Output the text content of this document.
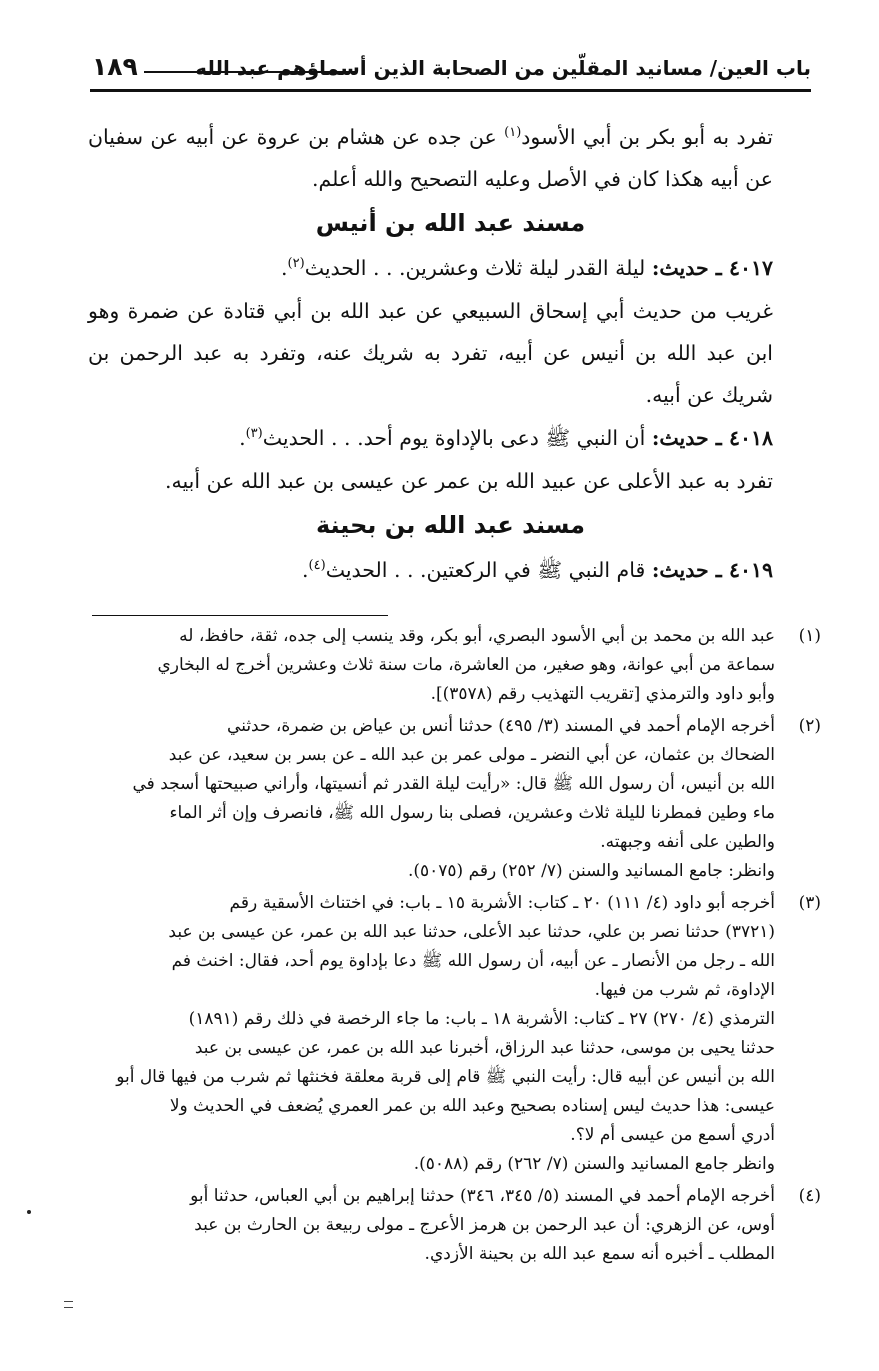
باب العين/ مسانيد المقلّين من الصحابة الذين أسماؤهم عبد الله
١٨٩

تفرد به أبو بكر بن أبي الأسود$^{(١)}$ عن جده عن هشام بن عروة عن أبيه عن سفيان عن أبيه هكذا كان في الأصل وعليه التصحيح والله أعلم.

مسند عبد الله بن أنيس

٤٠١٧ ـ حديث: ليلة القدر ليلة ثلاث وعشرين. . . الحديث$^{(٢)}$.

غريب من حديث أبي إسحاق السبيعي عن عبد الله بن أبي قتادة عن ضمرة وهو ابن عبد الله بن أنيس عن أبيه، تفرد به شريك عنه، وتفرد به عبد الرحمن بن شريك عن أبيه.

٤٠١٨ ـ حديث: أن النبي ﷺ دعى بالإداوة يوم أحد. . . الحديث$^{(٣)}$.

تفرد به عبد الأعلى عن عبيد الله بن عمر عن عيسى بن عبد الله عن أبيه.

مسند عبد الله بن بحينة

٤٠١٩ ـ حديث: قام النبي ﷺ في الركعتين. . . الحديث$^{(٤)}$.

(١)

عبد الله بن محمد بن أبي الأسود البصري، أبو بكر، وقد ينسب إلى جده، ثقة، حافظ، له

سماعة من أبي عوانة، وهو صغير، من العاشرة، مات سنة ثلاث وعشرين أخرج له البخاري

وأبو داود والترمذي [تقريب التهذيب رقم (٣٥٧٨)].

(٢)

أخرجه الإمام أحمد في المسند (٣/ ٤٩٥) حدثنا أنس بن عياض بن ضمرة، حدثني

الضحاك بن عثمان، عن أبي النضر ـ مولى عمر بن عبد الله ـ عن بسر بن سعيد، عن عبد

الله بن أنيس، أن رسول الله ﷺ قال: «رأيت ليلة القدر ثم أنسيتها، وأراني صبيحتها أسجد في

ماء وطين فمطرنا لليلة ثلاث وعشرين، فصلى بنا رسول الله ﷺ، فانصرف وإن أثر الماء

والطين على أنفه وجبهته.

وانظر: جامع المسانيد والسنن (٧/ ٢٥٢) رقم (٥٠٧٥).

(٣)

أخرجه أبو داود (٤/ ١١١) ٢٠ ـ كتاب: الأشربة ١٥ ـ باب: في اختناث الأسقية رقم

(٣٧٢١) حدثنا نصر بن علي، حدثنا عبد الأعلى، حدثنا عبد الله بن عمر، عن عيسى بن عبد

الله ـ رجل من الأنصار ـ عن أبيه، أن رسول الله ﷺ دعا بإداوة يوم أحد، فقال: اخنث فم

الإداوة، ثم شرب من فيها.

الترمذي (٤/ ٢٧٠) ٢٧ ـ كتاب: الأشربة ١٨ ـ باب: ما جاء الرخصة في ذلك رقم (١٨٩١)

حدثنا يحيى بن موسى، حدثنا عبد الرزاق، أخبرنا عبد الله بن عمر، عن عيسى بن عبد

الله بن أنيس عن أبيه قال: رأيت النبي ﷺ قام إلى قربة معلقة فخنثها ثم شرب من فيها قال أبو

عيسى: هذا حديث ليس إسناده بصحيح وعبد الله بن عمر العمري يُضعف في الحديث ولا

أدري أسمع من عيسى أم لا؟.

وانظر جامع المسانيد والسنن (٧/ ٢٦٢) رقم (٥٠٨٨).

(٤)

أخرجه الإمام أحمد في المسند (٥/ ٣٤٥، ٣٤٦) حدثنا إبراهيم بن أبي العباس، حدثنا أبو

أوس، عن الزهري: أن عبد الرحمن بن هرمز الأعرج ـ مولى ربيعة بن الحارث بن عبد

المطلب ـ أخبره أنه سمع عبد الله بن بحينة الأزدي.
